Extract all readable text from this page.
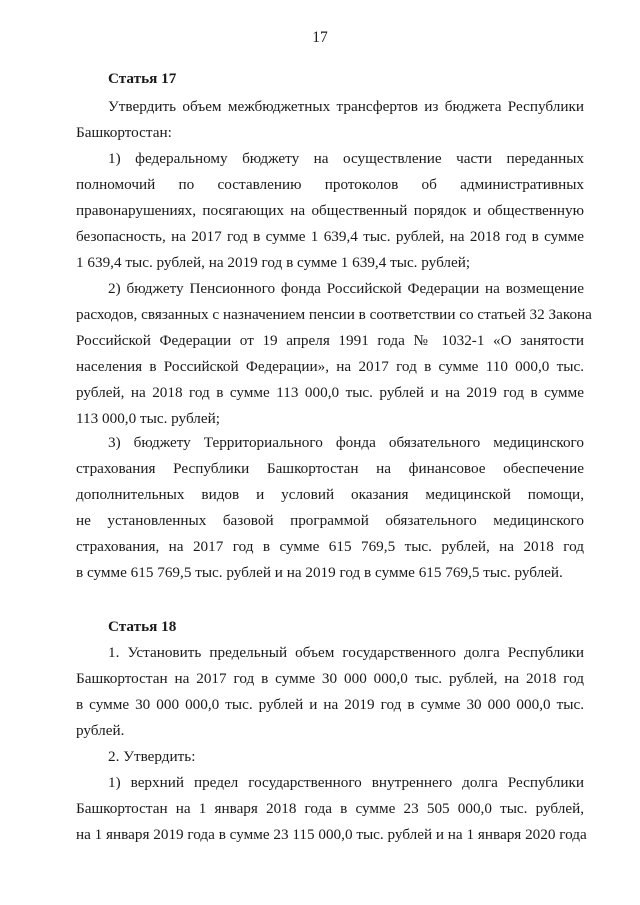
17
Статья 17
Утвердить объем межбюджетных трансфертов из бюджета Республики
Башкортостан:
1) федеральному бюджету на осуществление части переданных
полномочий по составлению протоколов об административных
правонарушениях, посягающих на общественный порядок и общественную
безопасность, на 2017 год в сумме 1 639,4 тыс. рублей, на 2018 год в сумме
1 639,4 тыс. рублей, на 2019 год в сумме 1 639,4 тыс. рублей;
2) бюджету Пенсионного фонда Российской Федерации на возмещение
расходов, связанных с назначением пенсии в соответствии со статьей 32 Закона
Российской Федерации от 19 апреля 1991 года № 1032-1 «О занятости
населения в Российской Федерации», на 2017 год в сумме 110 000,0 тыс.
рублей, на 2018 год в сумме 113 000,0 тыс. рублей и на 2019 год в сумме
113 000,0 тыс. рублей;
3) бюджету Территориального фонда обязательного медицинского
страхования Республики Башкортостан на финансовое обеспечение
дополнительных видов и условий оказания медицинской помощи,
не установленных базовой программой обязательного медицинского
страхования, на 2017 год в сумме 615 769,5 тыс. рублей, на 2018 год
в сумме 615 769,5 тыс. рублей и на 2019 год в сумме 615 769,5 тыс. рублей.
Статья 18
1. Установить предельный объем государственного долга Республики
Башкортостан на 2017 год в сумме 30 000 000,0 тыс. рублей, на 2018 год
в сумме 30 000 000,0 тыс. рублей и на 2019 год в сумме 30 000 000,0 тыс.
рублей.
2. Утвердить:
1) верхний предел государственного внутреннего долга Республики
Башкортостан на 1 января 2018 года в сумме 23 505 000,0 тыс. рублей,
на 1 января 2019 года в сумме 23 115 000,0 тыс. рублей и на 1 января 2020 года
